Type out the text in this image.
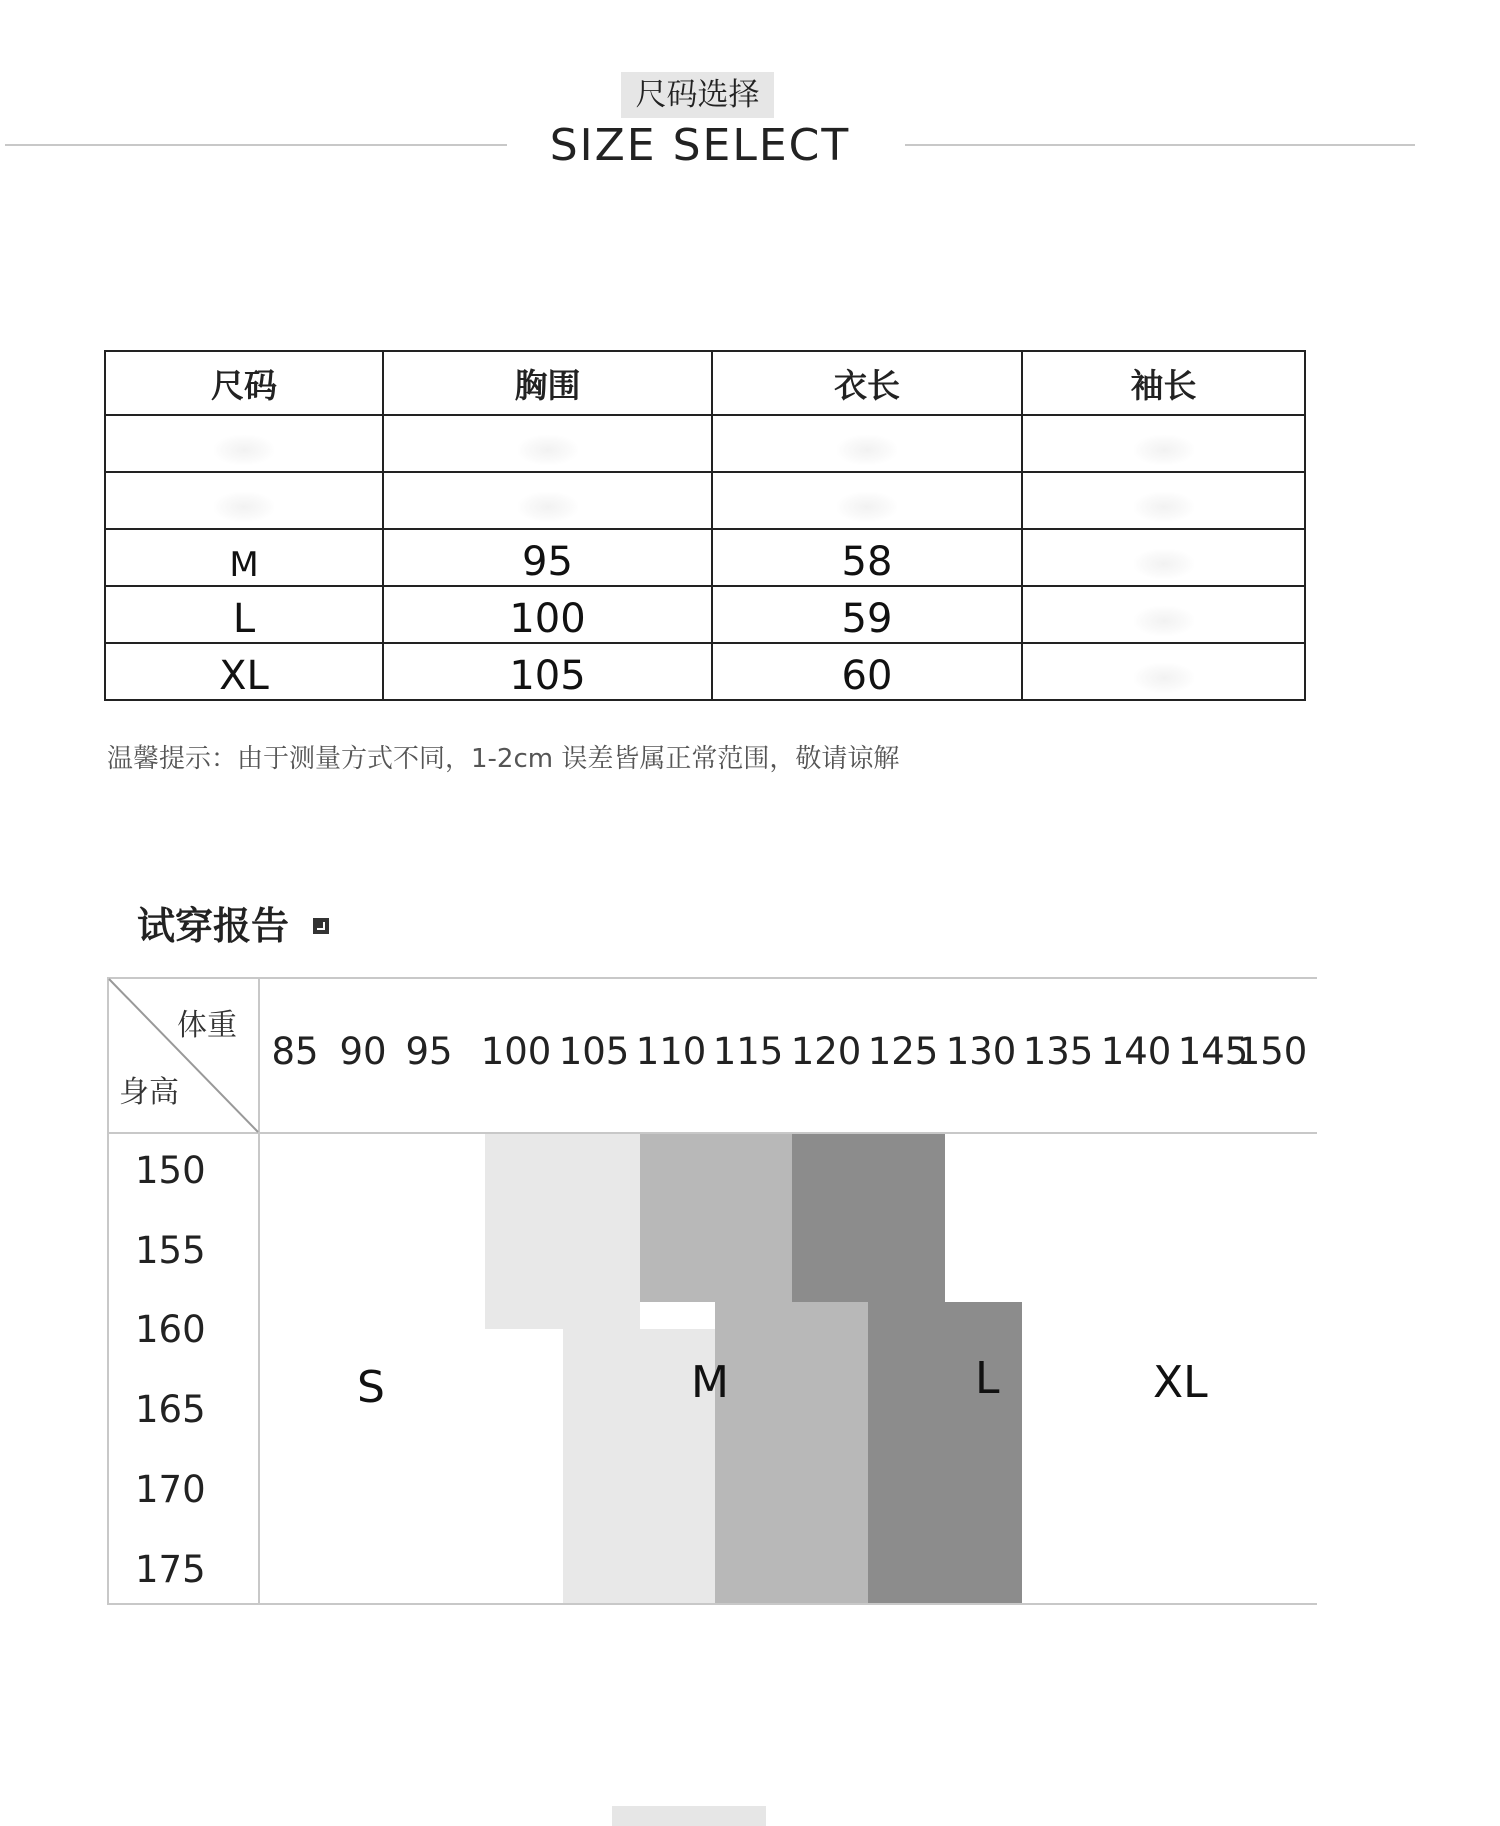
尺码选择
SIZE SELECT
尺码	胸围	衣长	袖长

M	95	58	
L	100	59	
XL	105	60	
温馨提示：由于测量方式不同，1-2cm 误差皆属正常范围，敬请谅解
试穿报告
体重
身高
85 90 95 100 105 110 115 120 125 130 135 140 145
150
150
155
160
165
170
175
S	M	L	XL
